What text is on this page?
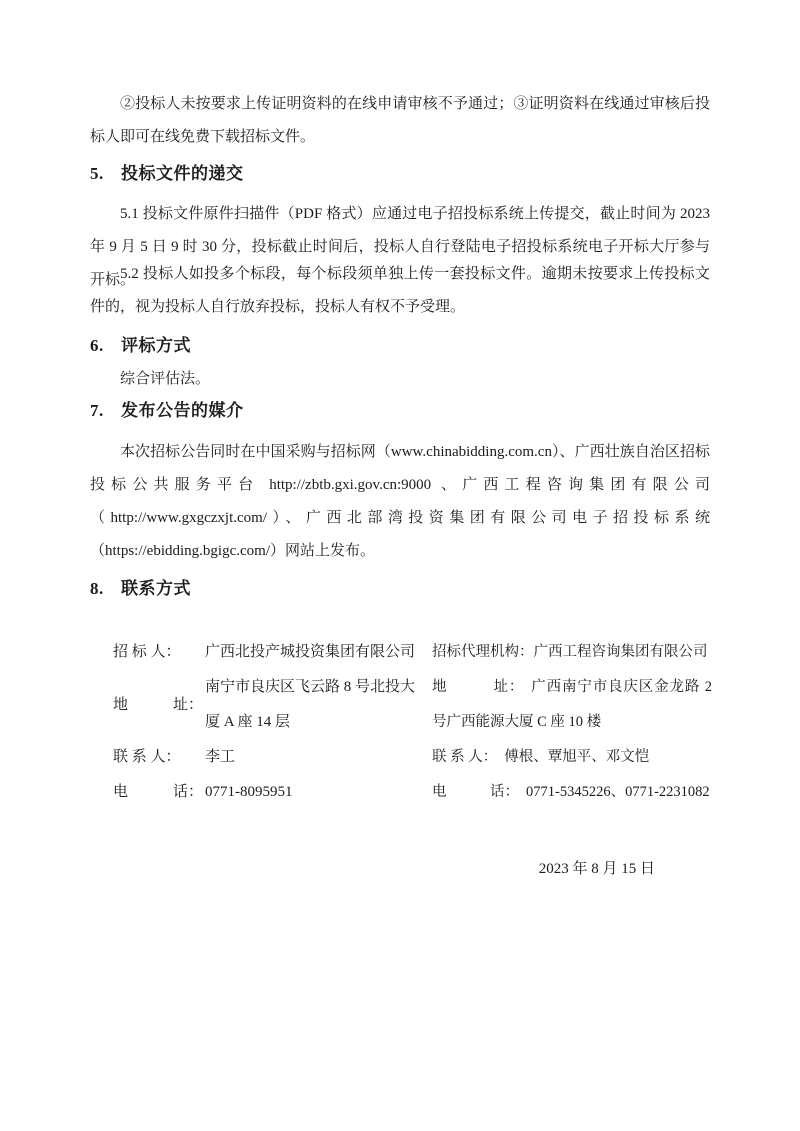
②投标人未按要求上传证明资料的在线申请审核不予通过；③证明资料在线通过审核后投标人即可在线免费下载招标文件。

5. 投标文件的递交

5.1 投标文件原件扫描件（PDF 格式）应通过电子招投标系统上传提交，截止时间为 2023 年 9 月 5 日 9 时 30 分，投标截止时间后，投标人自行登陆电子招投标系统电子开标大厅参与开标。

5.2 投标人如投多个标段，每个标段须单独上传一套投标文件。逾期未按要求上传投标文件的，视为投标人自行放弃投标，投标人有权不予受理。

6. 评标方式

综合评估法。

7. 发布公告的媒介

本次招标公告同时在中国采购与招标网（www.chinabidding.com.cn）、广西壮族自治区招标投标公共服务平台 http://zbtb.gxi.gov.cn:9000 、广西工程咨询集团有限公司（http://www.gxgczxjt.com/）、广西北部湾投资集团有限公司电子招投标系统（https://ebidding.bgigc.com/）网站上发布。

8. 联系方式
招 标 人：	广西北投产城投资集团有限公司
地　　　址：
南宁市良庆区飞云路 8 号北投大厦 A 座 14 层
联 系 人：	李工
电　　　话： 0771-8095951

招标代理机构：广西工程咨询集团有限公司

地　　　址： 广西南宁市良庆区金龙路 2 号广西能源大厦 C 座 10 楼

联 系 人： 傅根、覃旭平、邓文恺

电　　　话： 0771-5345226、0771-2231082

2023 年 8 月 15 日
